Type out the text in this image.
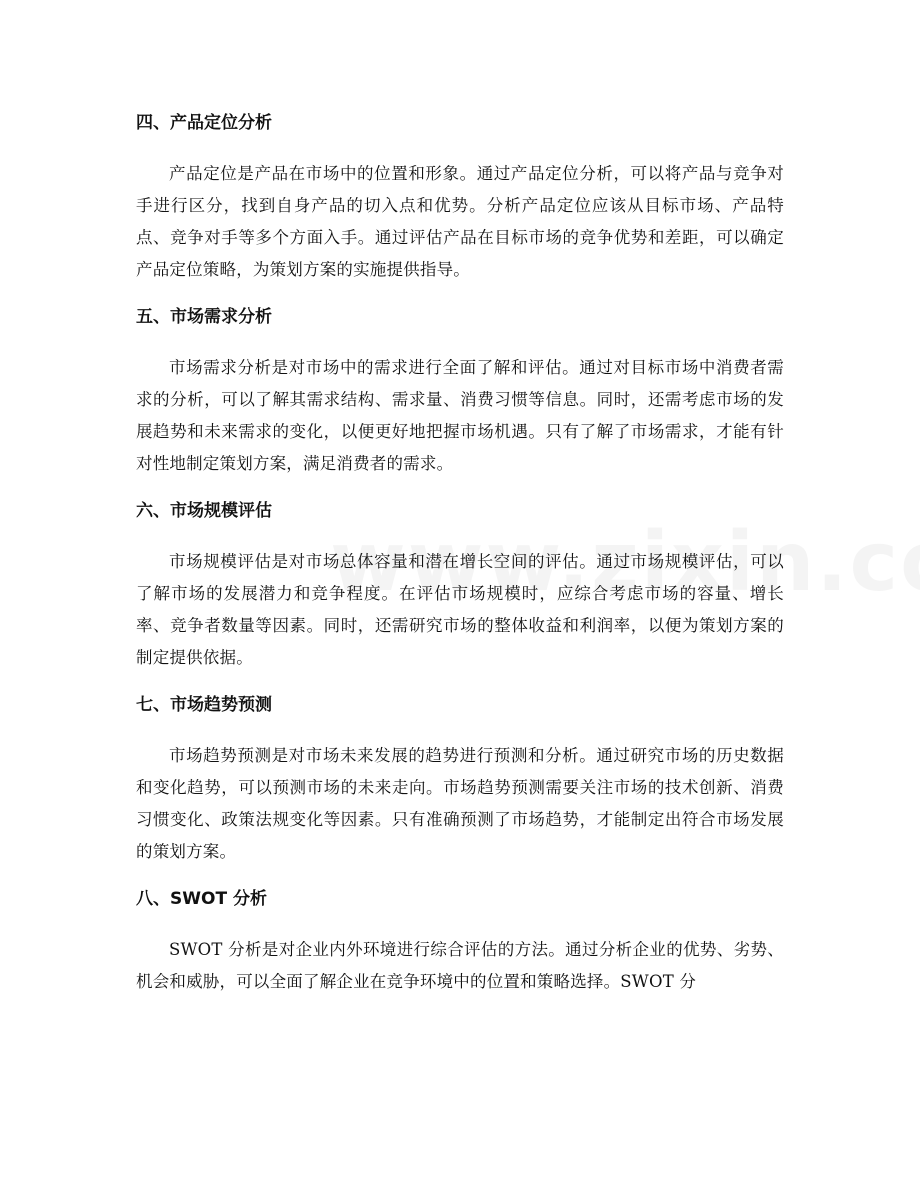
四、产品定位分析

产品定位是产品在市场中的位置和形象。通过产品定位分析，可以将产品与竞争对手进行区分，找到自身产品的切入点和优势。分析产品定位应该从目标市场、产品特点、竞争对手等多个方面入手。通过评估产品在目标市场的竞争优势和差距，可以确定产品定位策略，为策划方案的实施提供指导。

五、市场需求分析

市场需求分析是对市场中的需求进行全面了解和评估。通过对目标市场中消费者需求的分析，可以了解其需求结构、需求量、消费习惯等信息。同时，还需考虑市场的发展趋势和未来需求的变化，以便更好地把握市场机遇。只有了解了市场需求，才能有针对性地制定策划方案，满足消费者的需求。

六、市场规模评估

市场规模评估是对市场总体容量和潜在增长空间的评估。通过市场规模评估，可以了解市场的发展潜力和竞争程度。在评估市场规模时，应综合考虑市场的容量、增长率、竞争者数量等因素。同时，还需研究市场的整体收益和利润率，以便为策划方案的制定提供依据。

七、市场趋势预测

市场趋势预测是对市场未来发展的趋势进行预测和分析。通过研究市场的历史数据和变化趋势，可以预测市场的未来走向。市场趋势预测需要关注市场的技术创新、消费习惯变化、政策法规变化等因素。只有准确预测了市场趋势，才能制定出符合市场发展的策划方案。

八、SWOT 分析

SWOT 分析是对企业内外环境进行综合评估的方法。通过分析企业的优势、劣势、机会和威胁，可以全面了解企业在竞争环境中的位置和策略选择。SWOT 分
